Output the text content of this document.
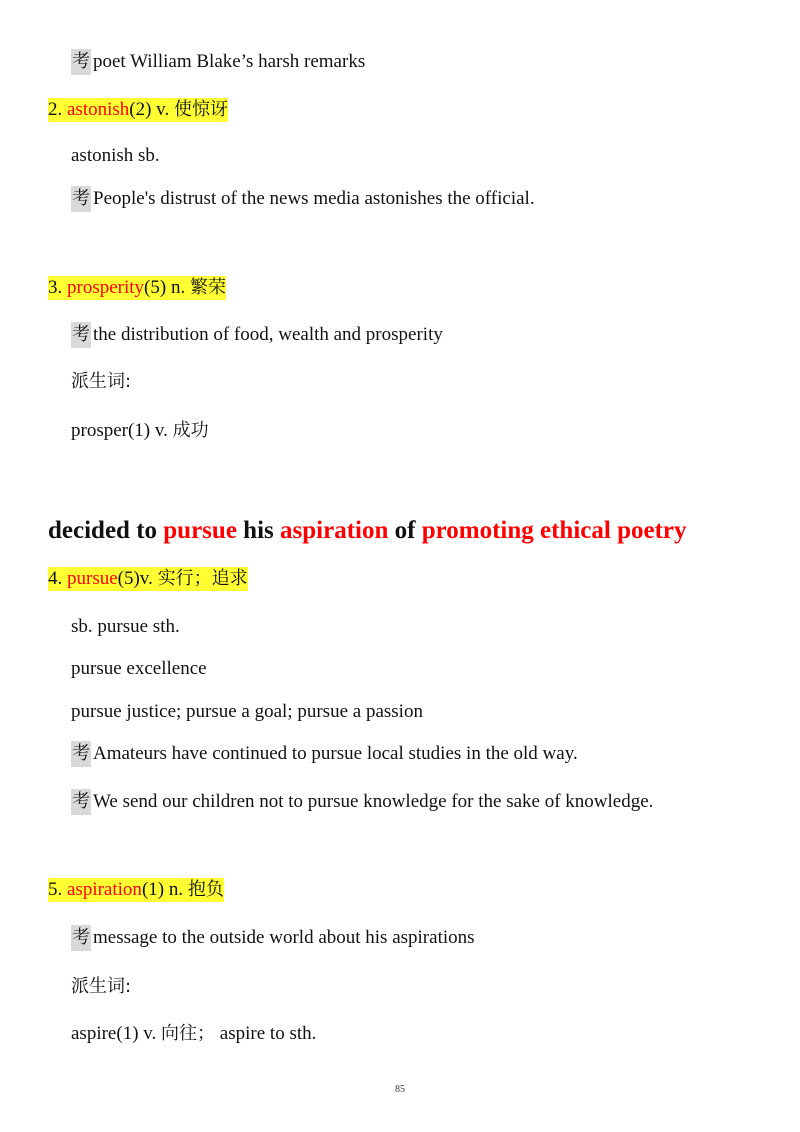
考 poet William Blake’s harsh remarks
2. astonish(2) v. 使惊讶
astonish sb.
考 People's distrust of the news media astonishes the official.
3. prosperity(5) n. 繁荣
考 the distribution of food, wealth and prosperity
派生词:
prosper(1) v. 成功
decided to pursue his aspiration of promoting ethical poetry
4. pursue(5)v. 实行；追求
sb. pursue sth.
pursue excellence
pursue justice; pursue a goal; pursue a passion
考 Amateurs have continued to pursue local studies in the old way.
考 We send our children not to pursue knowledge for the sake of knowledge.
5. aspiration(1) n. 抱负
考 message to the outside world about his aspirations
派生词:
aspire(1) v. 向往； aspire to sth.
85
